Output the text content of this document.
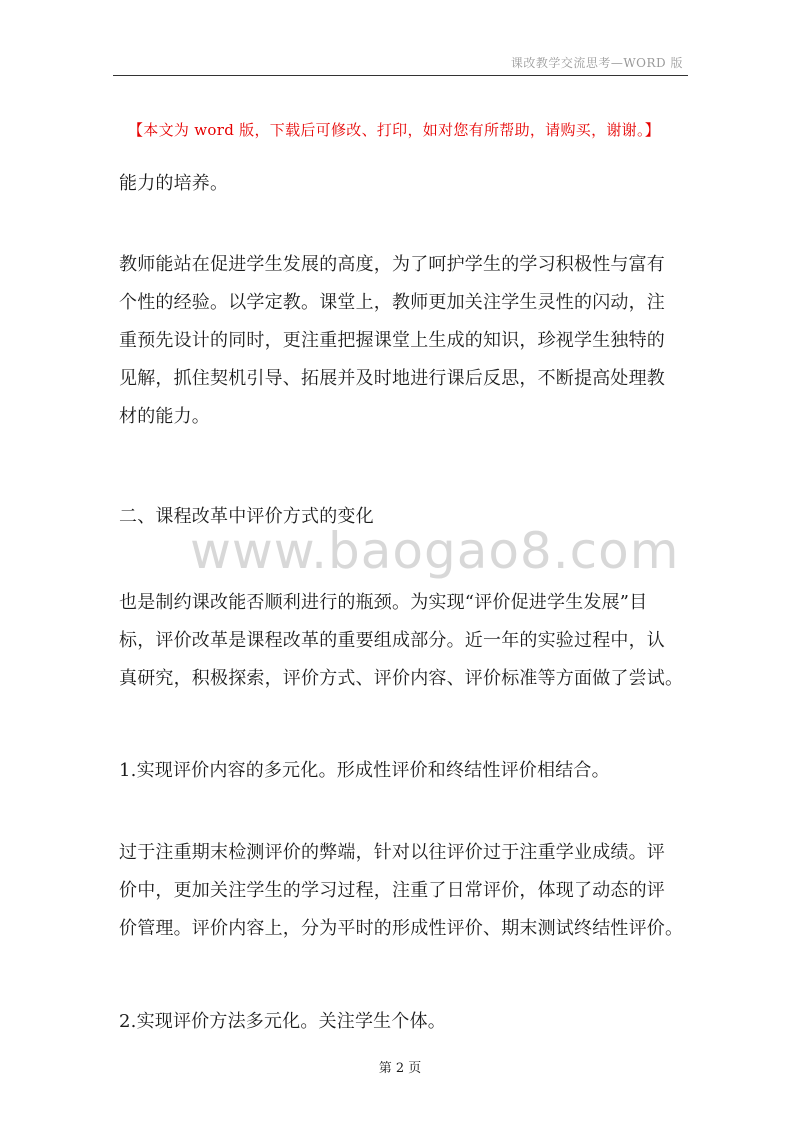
课改教学交流思考—WORD 版
【本文为 word 版，下载后可修改、打印，如对您有所帮助，请购买，谢谢。】
www.baogao8.com
能力的培养。
教师能站在促进学生发展的高度，为了呵护学生的学习积极性与富有
个性的经验。以学定教。课堂上，教师更加关注学生灵性的闪动，注
重预先设计的同时，更注重把握课堂上生成的知识，珍视学生独特的
见解，抓住契机引导、拓展并及时地进行课后反思，不断提高处理教
材的能力。
二、课程改革中评价方式的变化
也是制约课改能否顺利进行的瓶颈。为实现“评价促进学生发展”目
标，评价改革是课程改革的重要组成部分。近一年的实验过程中，认
真研究，积极探索，评价方式、评价内容、评价标准等方面做了尝试。
1.实现评价内容的多元化。形成性评价和终结性评价相结合。
过于注重期末检测评价的弊端，针对以往评价过于注重学业成绩。评
价中，更加关注学生的学习过程，注重了日常评价，体现了动态的评
价管理。评价内容上，分为平时的形成性评价、期末测试终结性评价。
2.实现评价方法多元化。关注学生个体。
第 2 页
